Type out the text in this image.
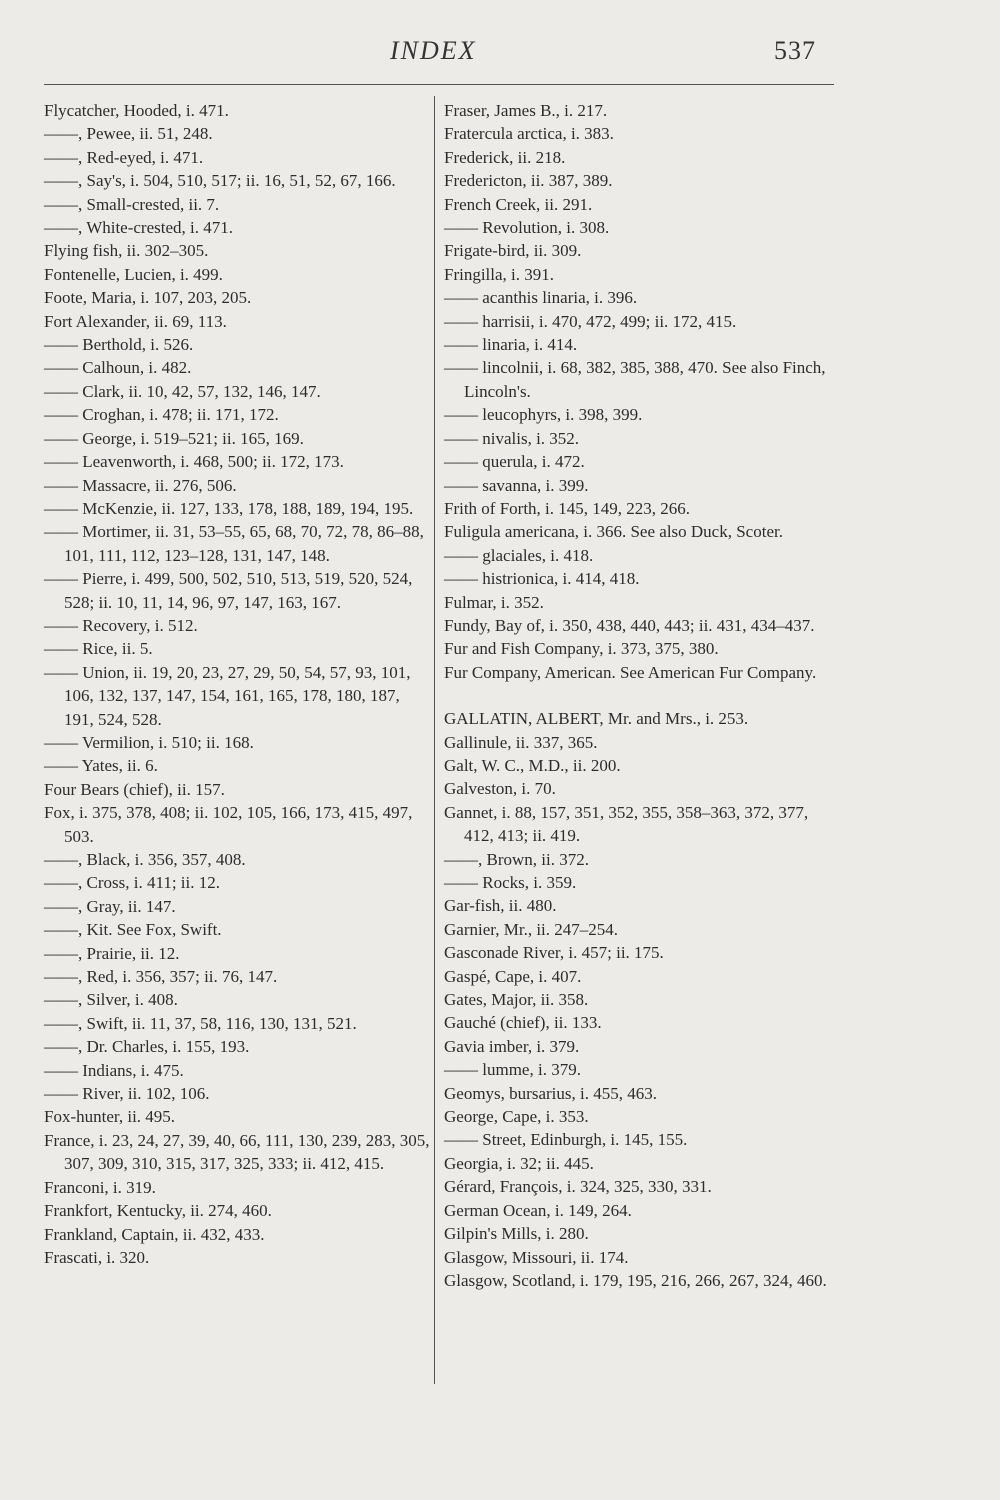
INDEX	537
Flycatcher, Hooded, i. 471.
——, Pewee, ii. 51, 248.
——, Red-eyed, i. 471.
——, Say's, i. 504, 510, 517; ii. 16, 51, 52, 67, 166.
——, Small-crested, ii. 7.
——, White-crested, i. 471.
Flying fish, ii. 302–305.
Fontenelle, Lucien, i. 499.
Foote, Maria, i. 107, 203, 205.
Fort Alexander, ii. 69, 113.
—— Berthold, i. 526.
—— Calhoun, i. 482.
—— Clark, ii. 10, 42, 57, 132, 146, 147.
—— Croghan, i. 478; ii. 171, 172.
—— George, i. 519–521; ii. 165, 169.
—— Leavenworth, i. 468, 500; ii. 172, 173.
—— Massacre, ii. 276, 506.
—— McKenzie, ii. 127, 133, 178, 188, 189, 194, 195.
—— Mortimer, ii. 31, 53–55, 65, 68, 70, 72, 78, 86–88, 101, 111, 112, 123–128, 131, 147, 148.
—— Pierre, i. 499, 500, 502, 510, 513, 519, 520, 524, 528; ii. 10, 11, 14, 96, 97, 147, 163, 167.
—— Recovery, i. 512.
—— Rice, ii. 5.
—— Union, ii. 19, 20, 23, 27, 29, 50, 54, 57, 93, 101, 106, 132, 137, 147, 154, 161, 165, 178, 180, 187, 191, 524, 528.
—— Vermilion, i. 510; ii. 168.
—— Yates, ii. 6.
Four Bears (chief), ii. 157.
Fox, i. 375, 378, 408; ii. 102, 105, 166, 173, 415, 497, 503.
——, Black, i. 356, 357, 408.
——, Cross, i. 411; ii. 12.
——, Gray, ii. 147.
——, Kit. See Fox, Swift.
——, Prairie, ii. 12.
——, Red, i. 356, 357; ii. 76, 147.
——, Silver, i. 408.
——, Swift, ii. 11, 37, 58, 116, 130, 131, 521.
——, Dr. Charles, i. 155, 193.
—— Indians, i. 475.
—— River, ii. 102, 106.
Fox-hunter, ii. 495.
France, i. 23, 24, 27, 39, 40, 66, 111, 130, 239, 283, 305, 307, 309, 310, 315, 317, 325, 333; ii. 412, 415.
Franconi, i. 319.
Frankfort, Kentucky, ii. 274, 460.
Frankland, Captain, ii. 432, 433.
Frascati, i. 320.
Fraser, James B., i. 217.
Fratercula arctica, i. 383.
Frederick, ii. 218.
Fredericton, ii. 387, 389.
French Creek, ii. 291.
—— Revolution, i. 308.
Frigate-bird, ii. 309.
Fringilla, i. 391.
—— acanthis linaria, i. 396.
—— harrisii, i. 470, 472, 499; ii. 172, 415.
—— linaria, i. 414.
—— lincolnii, i. 68, 382, 385, 388, 470. See also Finch, Lincoln's.
—— leucophyrs, i. 398, 399.
—— nivalis, i. 352.
—— querula, i. 472.
—— savanna, i. 399.
Frith of Forth, i. 145, 149, 223, 266.
Fuligula americana, i. 366. See also Duck, Scoter.
—— glaciales, i. 418.
—— histrionica, i. 414, 418.
Fulmar, i. 352.
Fundy, Bay of, i. 350, 438, 440, 443; ii. 431, 434–437.
Fur and Fish Company, i. 373, 375, 380.
Fur Company, American. See American Fur Company.
GALLATIN, ALBERT, Mr. and Mrs., i. 253.
Gallinule, ii. 337, 365.
Galt, W. C., M.D., ii. 200.
Galveston, i. 70.
Gannet, i. 88, 157, 351, 352, 355, 358–363, 372, 377, 412, 413; ii. 419.
——, Brown, ii. 372.
—— Rocks, i. 359.
Gar-fish, ii. 480.
Garnier, Mr., ii. 247–254.
Gasconade River, i. 457; ii. 175.
Gaspé, Cape, i. 407.
Gates, Major, ii. 358.
Gauché (chief), ii. 133.
Gavia imber, i. 379.
—— lumme, i. 379.
Geomys, bursarius, i. 455, 463.
George, Cape, i. 353.
—— Street, Edinburgh, i. 145, 155.
Georgia, i. 32; ii. 445.
Gérard, François, i. 324, 325, 330, 331.
German Ocean, i. 149, 264.
Gilpin's Mills, i. 280.
Glasgow, Missouri, ii. 174.
Glasgow, Scotland, i. 179, 195, 216, 266, 267, 324, 460.
